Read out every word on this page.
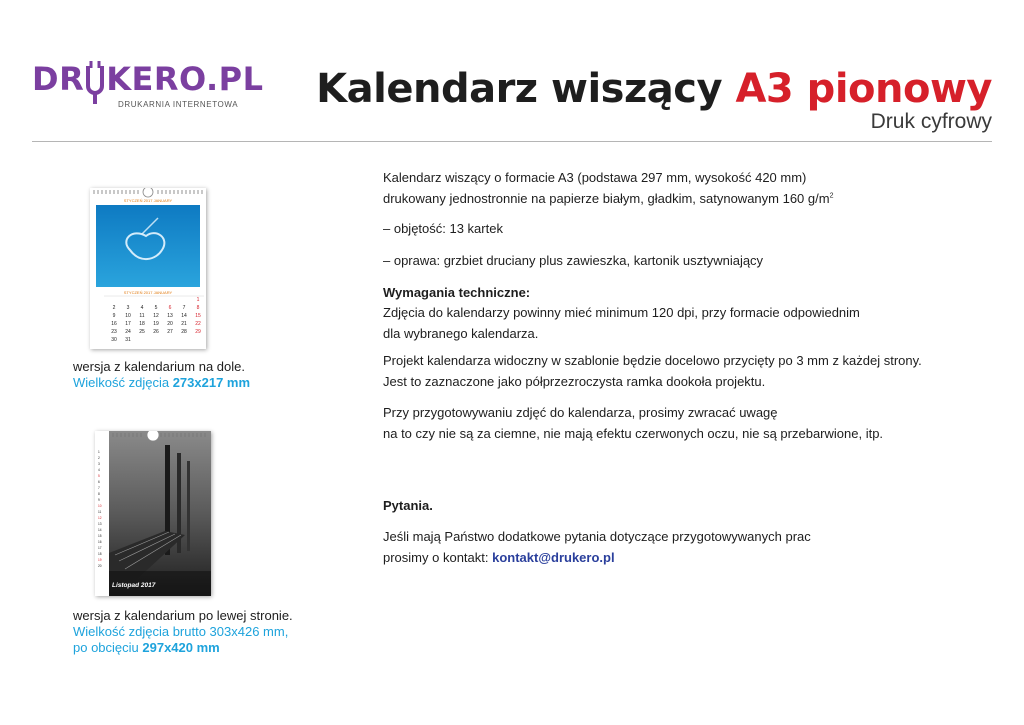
DR KERO.PL
DRUKARNIA INTERNETOWA Kalendarz wiszący A3 pionowy
Druk cyfrowy
STYCZEŃ 2017 JANUARY
STYCZEŃ 2017 JANUARY
2 3 4 5 6 7 8
9 10 11 12 13 14 15
16 17 18 19 20 21 22
23 24 25 26 27 28 29
30 31
1
wersja z kalendarium na dole.
Wielkość zdjęcia 273x217 mm
1
2
3
4
5
6
7
8
9
10
11
12
13
14
15
16
17
18
19
20
Listopad 2017
wersja z kalendarium po lewej stronie.
Wielkość zdjęcia brutto 303x426 mm,
po obcięciu 297x420 mm

Kalendarz wiszący o formacie A3 (podstawa 297 mm, wysokość 420 mm)

drukowany jednostronnie na papierze białym, gładkim, satynowanym 160 $g/m^2$

– objętość: 13 kartek

– oprawa: grzbiet druciany plus zawieszka, kartonik usztywniający

Wymagania techniczne:

Zdjęcia do kalendarzy powinny mieć minimum 120 dpi, przy formacie odpowiednim

dla wybranego kalendarza.

Projekt kalendarza widoczny w szablonie będzie docelowo przycięty po 3 mm z każdej strony.

Jest to zaznaczone jako półprzezroczysta ramka dookoła projektu.

Przy przygotowywaniu zdjęć do kalendarza, prosimy zwracać uwagę

na to czy nie są za ciemne, nie mają efektu czerwonych oczu, nie są przebarwione, itp.

Pytania.

Jeśli mają Państwo dodatkowe pytania dotyczące przygotowywanych prac

prosimy o kontakt: kontakt@drukero.pl
